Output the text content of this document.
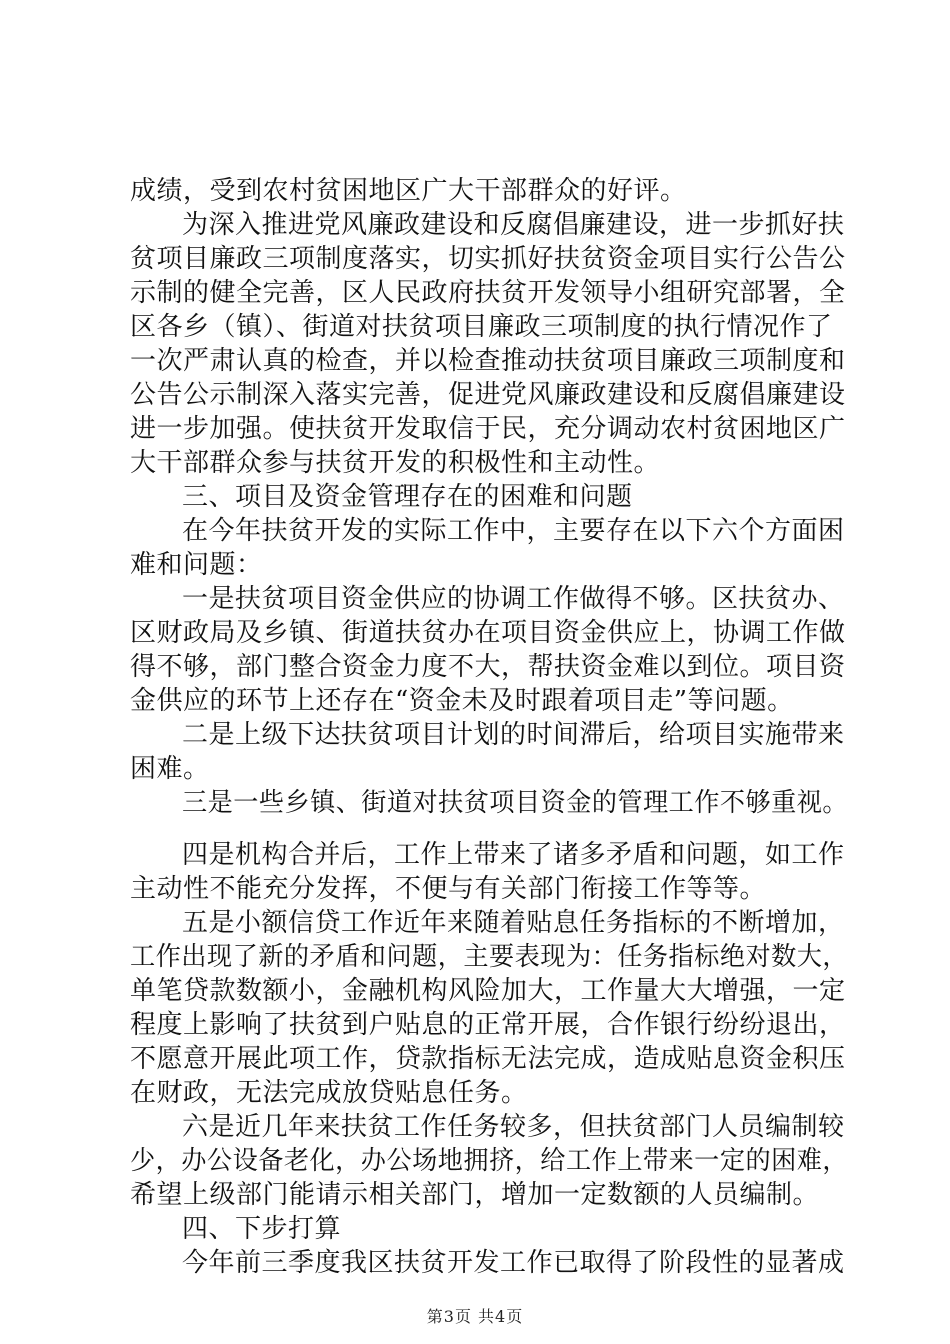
成绩，受到农村贫困地区广大干部群众的好评。
为深入推进党风廉政建设和反腐倡廉建设，进一步抓好扶
贫项目廉政三项制度落实，切实抓好扶贫资金项目实行公告公
示制的健全完善，区人民政府扶贫开发领导小组研究部署，全
区各乡（镇）、街道对扶贫项目廉政三项制度的执行情况作了
一次严肃认真的检查，并以检查推动扶贫项目廉政三项制度和
公告公示制深入落实完善，促进党风廉政建设和反腐倡廉建设
进一步加强。使扶贫开发取信于民，充分调动农村贫困地区广
大干部群众参与扶贫开发的积极性和主动性。
三、项目及资金管理存在的困难和问题
在今年扶贫开发的实际工作中，主要存在以下六个方面困
难和问题：
一是扶贫项目资金供应的协调工作做得不够。区扶贫办、
区财政局及乡镇、街道扶贫办在项目资金供应上，协调工作做
得不够，部门整合资金力度不大，帮扶资金难以到位。项目资
金供应的环节上还存在“资金未及时跟着项目走”等问题。
二是上级下达扶贫项目计划的时间滞后，给项目实施带来
困难。
三是一些乡镇、街道对扶贫项目资金的管理工作不够重视。
四是机构合并后，工作上带来了诸多矛盾和问题，如工作
主动性不能充分发挥，不便与有关部门衔接工作等等。
五是小额信贷工作近年来随着贴息任务指标的不断增加，
工作出现了新的矛盾和问题，主要表现为：任务指标绝对数大，
单笔贷款数额小，金融机构风险加大，工作量大大增强，一定
程度上影响了扶贫到户贴息的正常开展，合作银行纷纷退出，
不愿意开展此项工作，贷款指标无法完成，造成贴息资金积压
在财政，无法完成放贷贴息任务。
六是近几年来扶贫工作任务较多，但扶贫部门人员编制较
少，办公设备老化，办公场地拥挤，给工作上带来一定的困难，
希望上级部门能请示相关部门，增加一定数额的人员编制。
四、下步打算
今年前三季度我区扶贫开发工作已取得了阶段性的显著成
第3页 共4页
